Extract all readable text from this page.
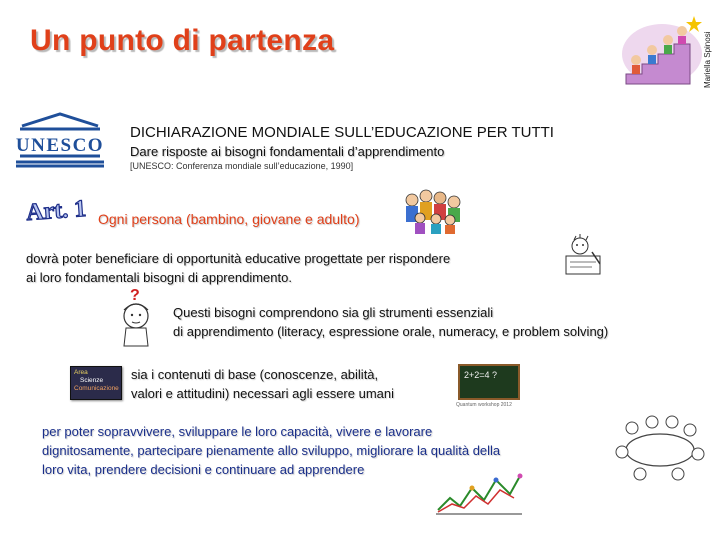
Un punto di partenza	Mariella Spinosi
UNESCO
DICHIARAZIONE MONDIALE SULL’EDUCAZIONE PER TUTTI
Dare risposte ai bisogni fondamentali d’apprendimento
[UNESCO: Conferenza mondiale sull’educazione, 1990]
Art. 1 Ogni persona (bambino, giovane e adulto)
dovrà poter beneficiare di opportunità educative progettate per rispondere
ai loro fondamentali bisogni di apprendimento.
?
Questi bisogni comprendono sia gli strumenti essenziali
di apprendimento (literacy, espressione orale, numeracy, e problem solving)
Area
Scienze
Comunicazione
sia i contenuti di base (conoscenze, abilità,
valori e attitudini) necessari agli essere umani
2+2=4 ?
Quantum workshop 2012
per poter sopravvivere, sviluppare le loro capacità, vivere e lavorare
dignitosamente, partecipare pienamente allo sviluppo, migliorare la qualità della
loro vita, prendere decisioni e continuare ad apprendere
